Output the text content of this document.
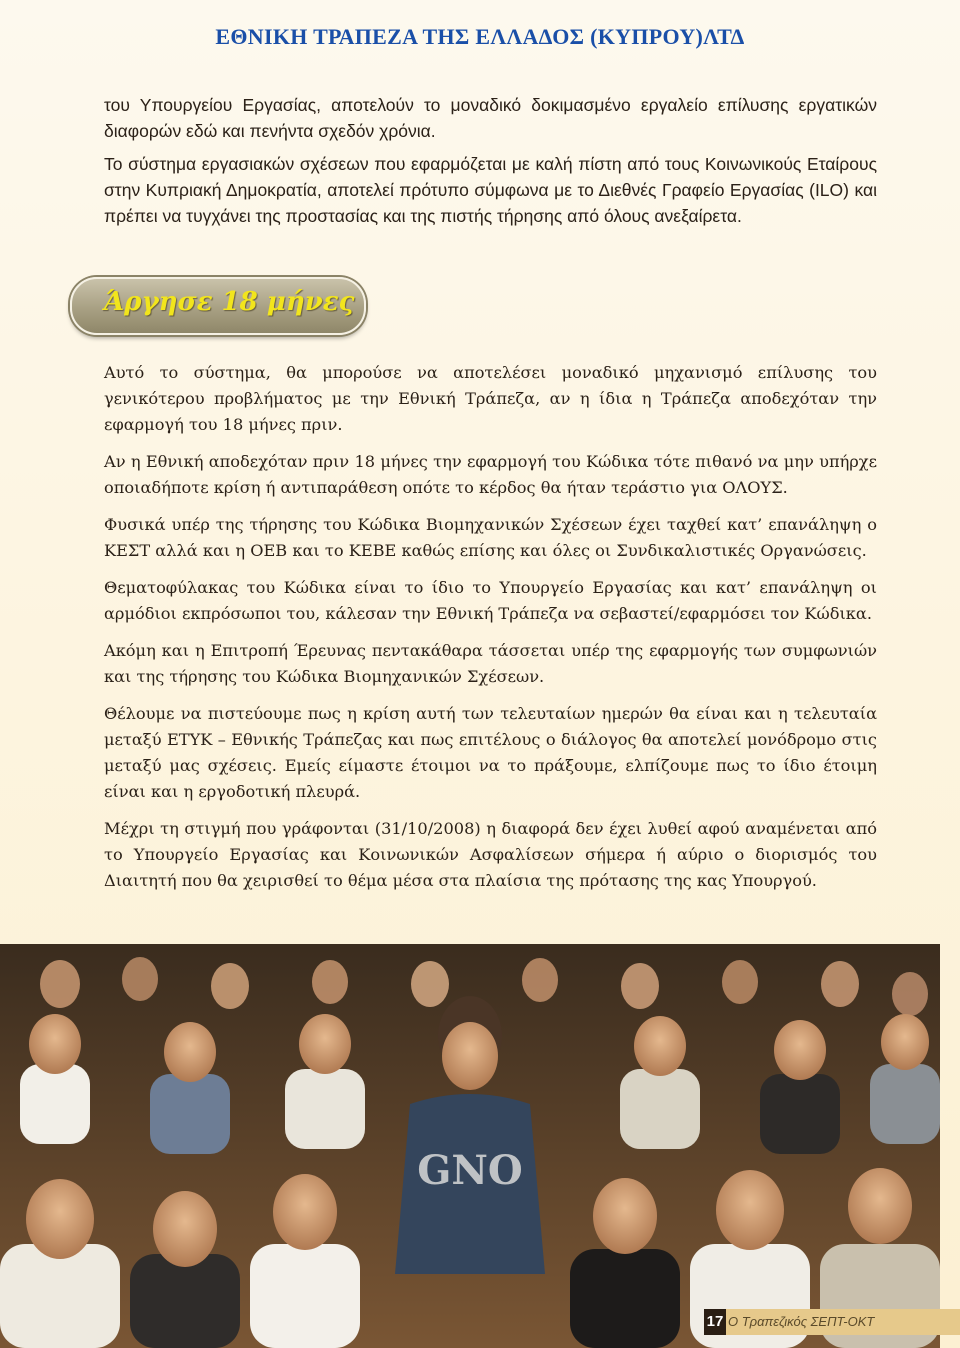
ΕΘΝΙΚΗ ΤΡΑΠΕΖΑ ΤΗΣ ΕΛΛΑΔΟΣ (ΚΥΠΡΟΥ)ΛΤΔ
του Υπουργείου Εργασίας, αποτελούν το μοναδικό δοκιμασμένο εργαλείο επίλυσης εργατικών διαφορών εδώ και πενήντα σχεδόν χρόνια.
Το σύστημα εργασιακών σχέσεων που εφαρμόζεται με καλή πίστη από τους Κοινωνικούς Εταίρους στην Κυπριακή Δημοκρατία, αποτελεί πρότυπο σύμφωνα με το Διεθνές Γραφείο Εργασίας (ILO) και πρέπει να τυγχάνει της προστασίας και της πιστής τήρησης από όλους ανεξαίρετα.
Άργησε 18 μήνες

Αυτό το σύστημα, θα μπορούσε να αποτελέσει μοναδικό μηχανισμό επίλυσης του γενικότερου προβλήματος με την Εθνική Τράπεζα, αν η ίδια η Τράπεζα αποδεχόταν την εφαρμογή του 18 μήνες πριν.

Αν η Εθνική αποδεχόταν πριν 18 μήνες την εφαρμογή του Κώδικα τότε πιθανό να μην υπήρχε οποιαδήποτε κρίση ή αντιπαράθεση οπότε το κέρδος θα ήταν τεράστιο για ΟΛΟΥΣ.

Φυσικά υπέρ της τήρησης του Κώδικα Βιομηχανικών Σχέσεων έχει ταχθεί κατ’ επανάληψη ο ΚΕΣΤ αλλά και η ΟΕΒ και το ΚΕΒΕ καθώς επίσης και όλες οι Συνδικαλιστικές Οργανώσεις.

Θεματοφύλακας του Κώδικα είναι το ίδιο το Υπουργείο Εργασίας και κατ’ επανάληψη οι αρμόδιοι εκπρόσωποι του, κάλεσαν την Εθνική Τράπεζα να σεβαστεί/εφαρμόσει τον Κώδικα.

Ακόμη και η Επιτροπή Έρευνας πεντακάθαρα τάσσεται υπέρ της εφαρμογής των συμφωνιών και της τήρησης του Κώδικα Βιομηχανικών Σχέσεων.

Θέλουμε να πιστεύουμε πως η κρίση αυτή των τελευταίων ημερών θα είναι και η τελευταία μεταξύ ΕΤΥΚ – Εθνικής Τράπεζας και πως επιτέλους ο διάλογος θα αποτελεί μονόδρομο στις μεταξύ μας σχέσεις. Εμείς είμαστε έτοιμοι να το πράξουμε, ελπίζουμε πως το ίδιο έτοιμη είναι και η εργοδοτική πλευρά.

Μέχρι τη στιγμή που γράφονται (31/10/2008) η διαφορά δεν έχει λυθεί αφού αναμένεται από το Υπουργείο Εργασίας και Κοινωνικών Ασφαλίσεων σήμερα ή αύριο ο διορισμός του Διαιτητή που θα χειρισθεί το θέμα μέσα στα πλαίσια της πρότασης της κας Υπουργού.

GNO
17 Ο Τραπεζικός ΣΕΠΤ-ΟΚΤ
